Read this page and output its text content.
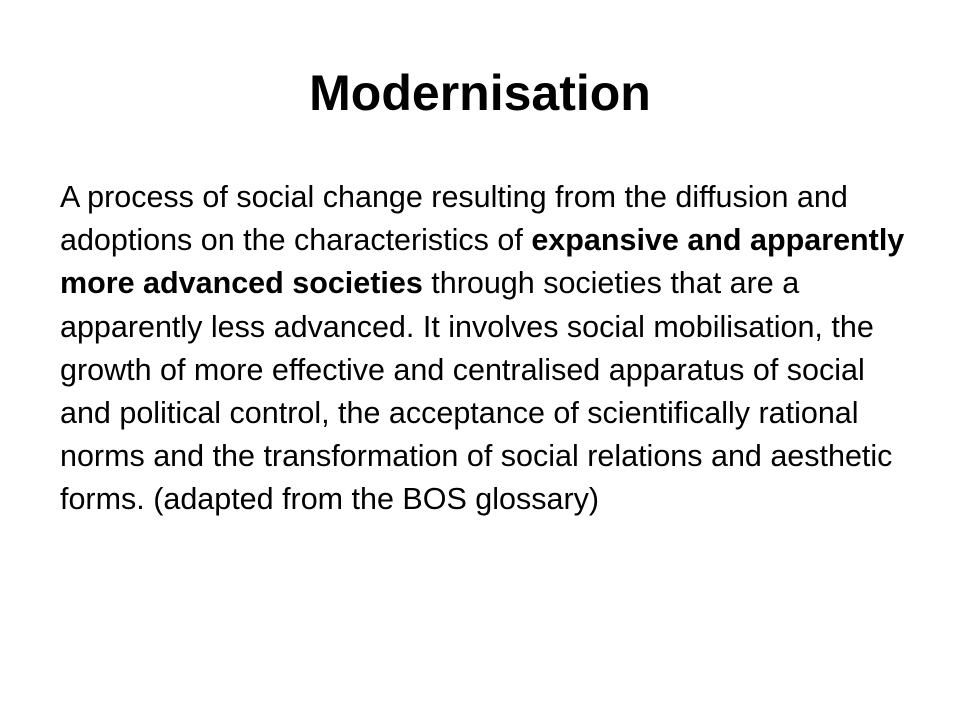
Modernisation

A process of social change resulting from the diffusion and adoptions on the characteristics of expansive and apparently more advanced societies through societies that are a apparently less advanced. It involves social mobilisation, the growth of more effective and centralised apparatus of social and political control, the acceptance of scientifically rational norms and the transformation of social relations and aesthetic forms. (adapted from the BOS glossary)
